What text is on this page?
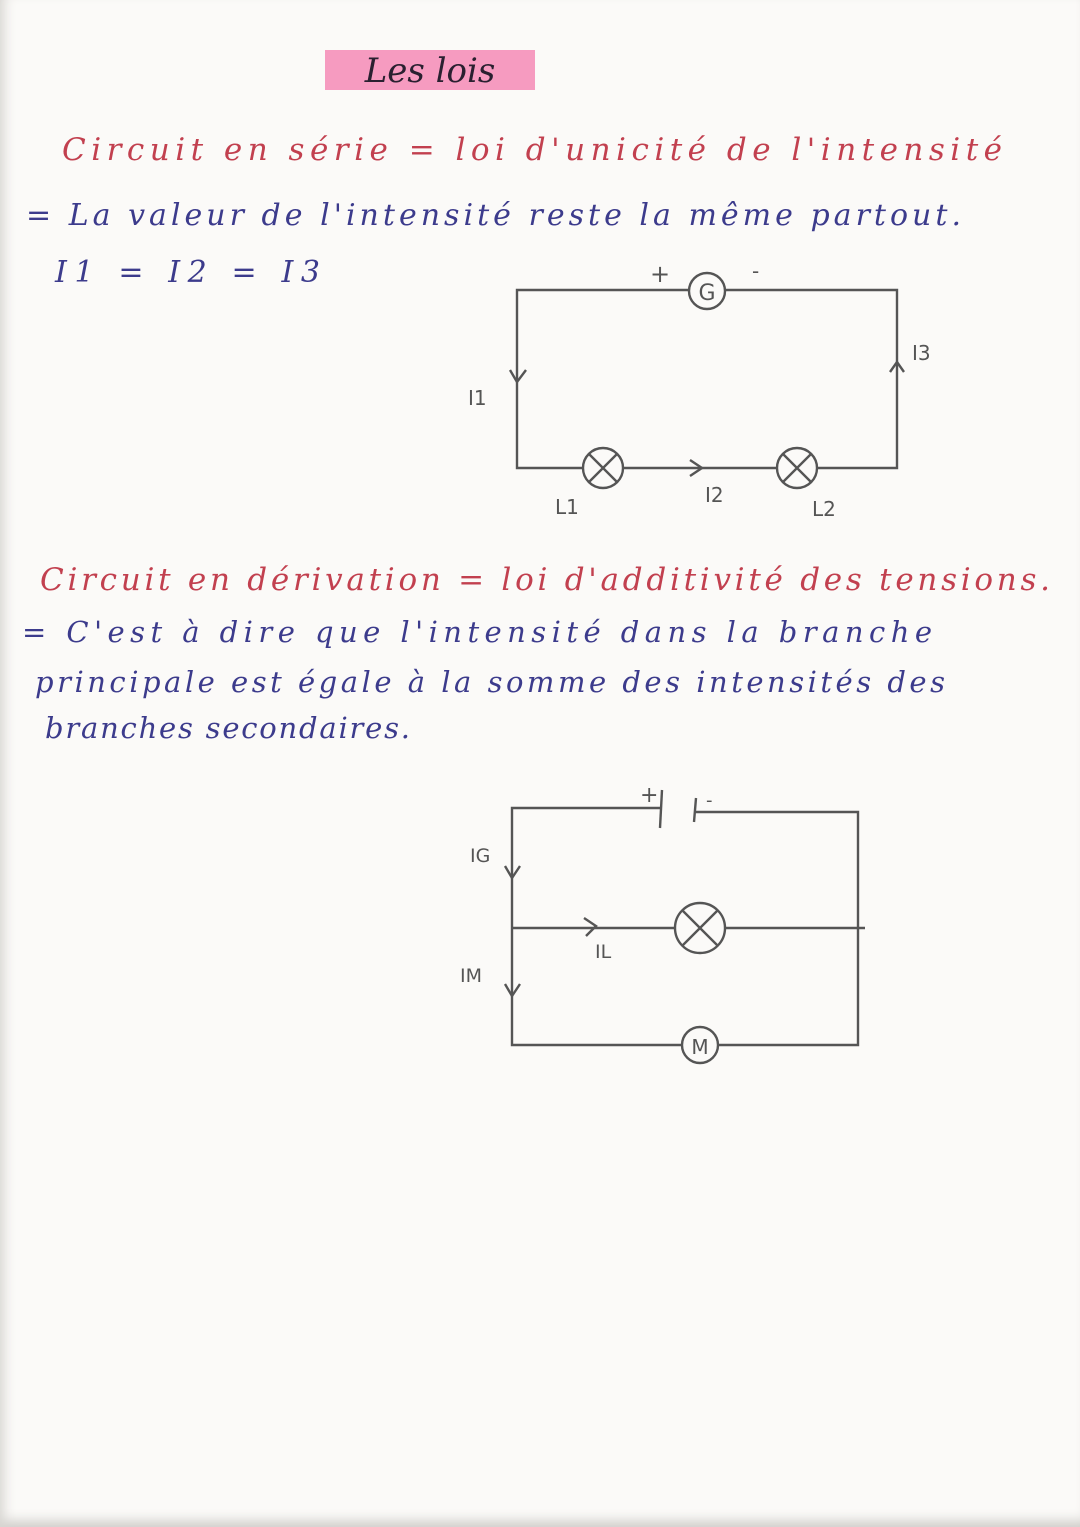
Les lois
Circuit en série = loi d'unicité de l'intensité
= La valeur de l'intensité reste la même partout.
I1 = I2 = I3
G
+	-
I1
I2
I3
L1	L2
Circuit en dérivation = loi d'additivité des tensions.
= C'est à dire que l'intensité dans la branche
principale est égale à la somme des intensités des
branches secondaires.
+	-
M
IG
IL
IM
